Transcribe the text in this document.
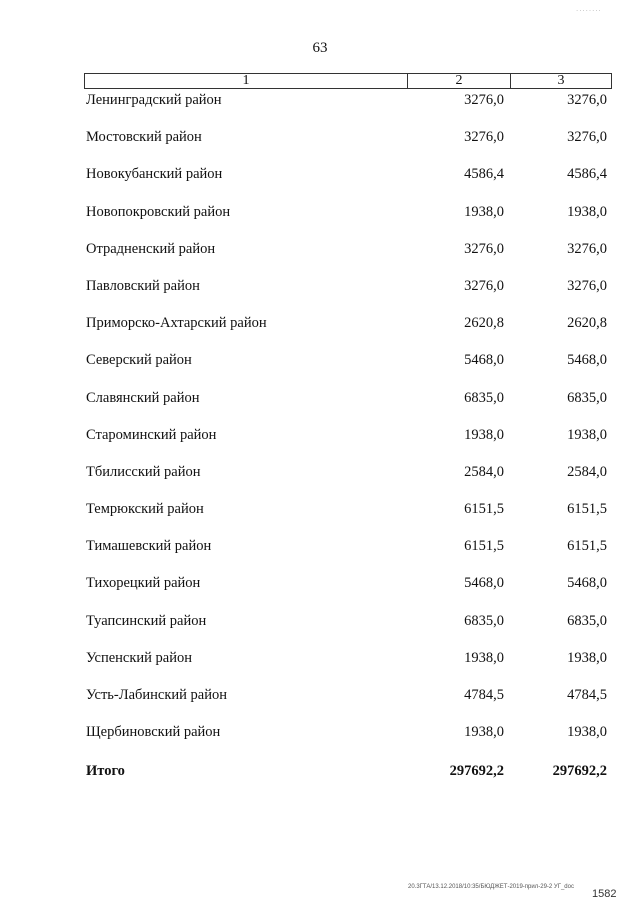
........
63
1	2	3
Ленинградский район	3276,0	3276,0
Мостовский район	3276,0	3276,0
Новокубанский район	4586,4	4586,4
Новопокровский район	1938,0	1938,0
Отрадненский район	3276,0	3276,0
Павловский район	3276,0	3276,0
Приморско-Ахтарский район	2620,8	2620,8
Северский район	5468,0	5468,0
Славянский район	6835,0	6835,0
Староминский район	1938,0	1938,0
Тбилисский район	2584,0	2584,0
Темрюкский район	6151,5	6151,5
Тимашевский район	6151,5	6151,5
Тихорецкий район	5468,0	5468,0
Туапсинский район	6835,0	6835,0
Успенский район	1938,0	1938,0
Усть-Лабинский район	4784,5	4784,5
Щербиновский район	1938,0	1938,0
Итого	297692,2	297692,2
20.3ГТА/13.12.2018/10:35/БЮДЖЕТ-2019-прил-29-2 УГ_doc
1582
